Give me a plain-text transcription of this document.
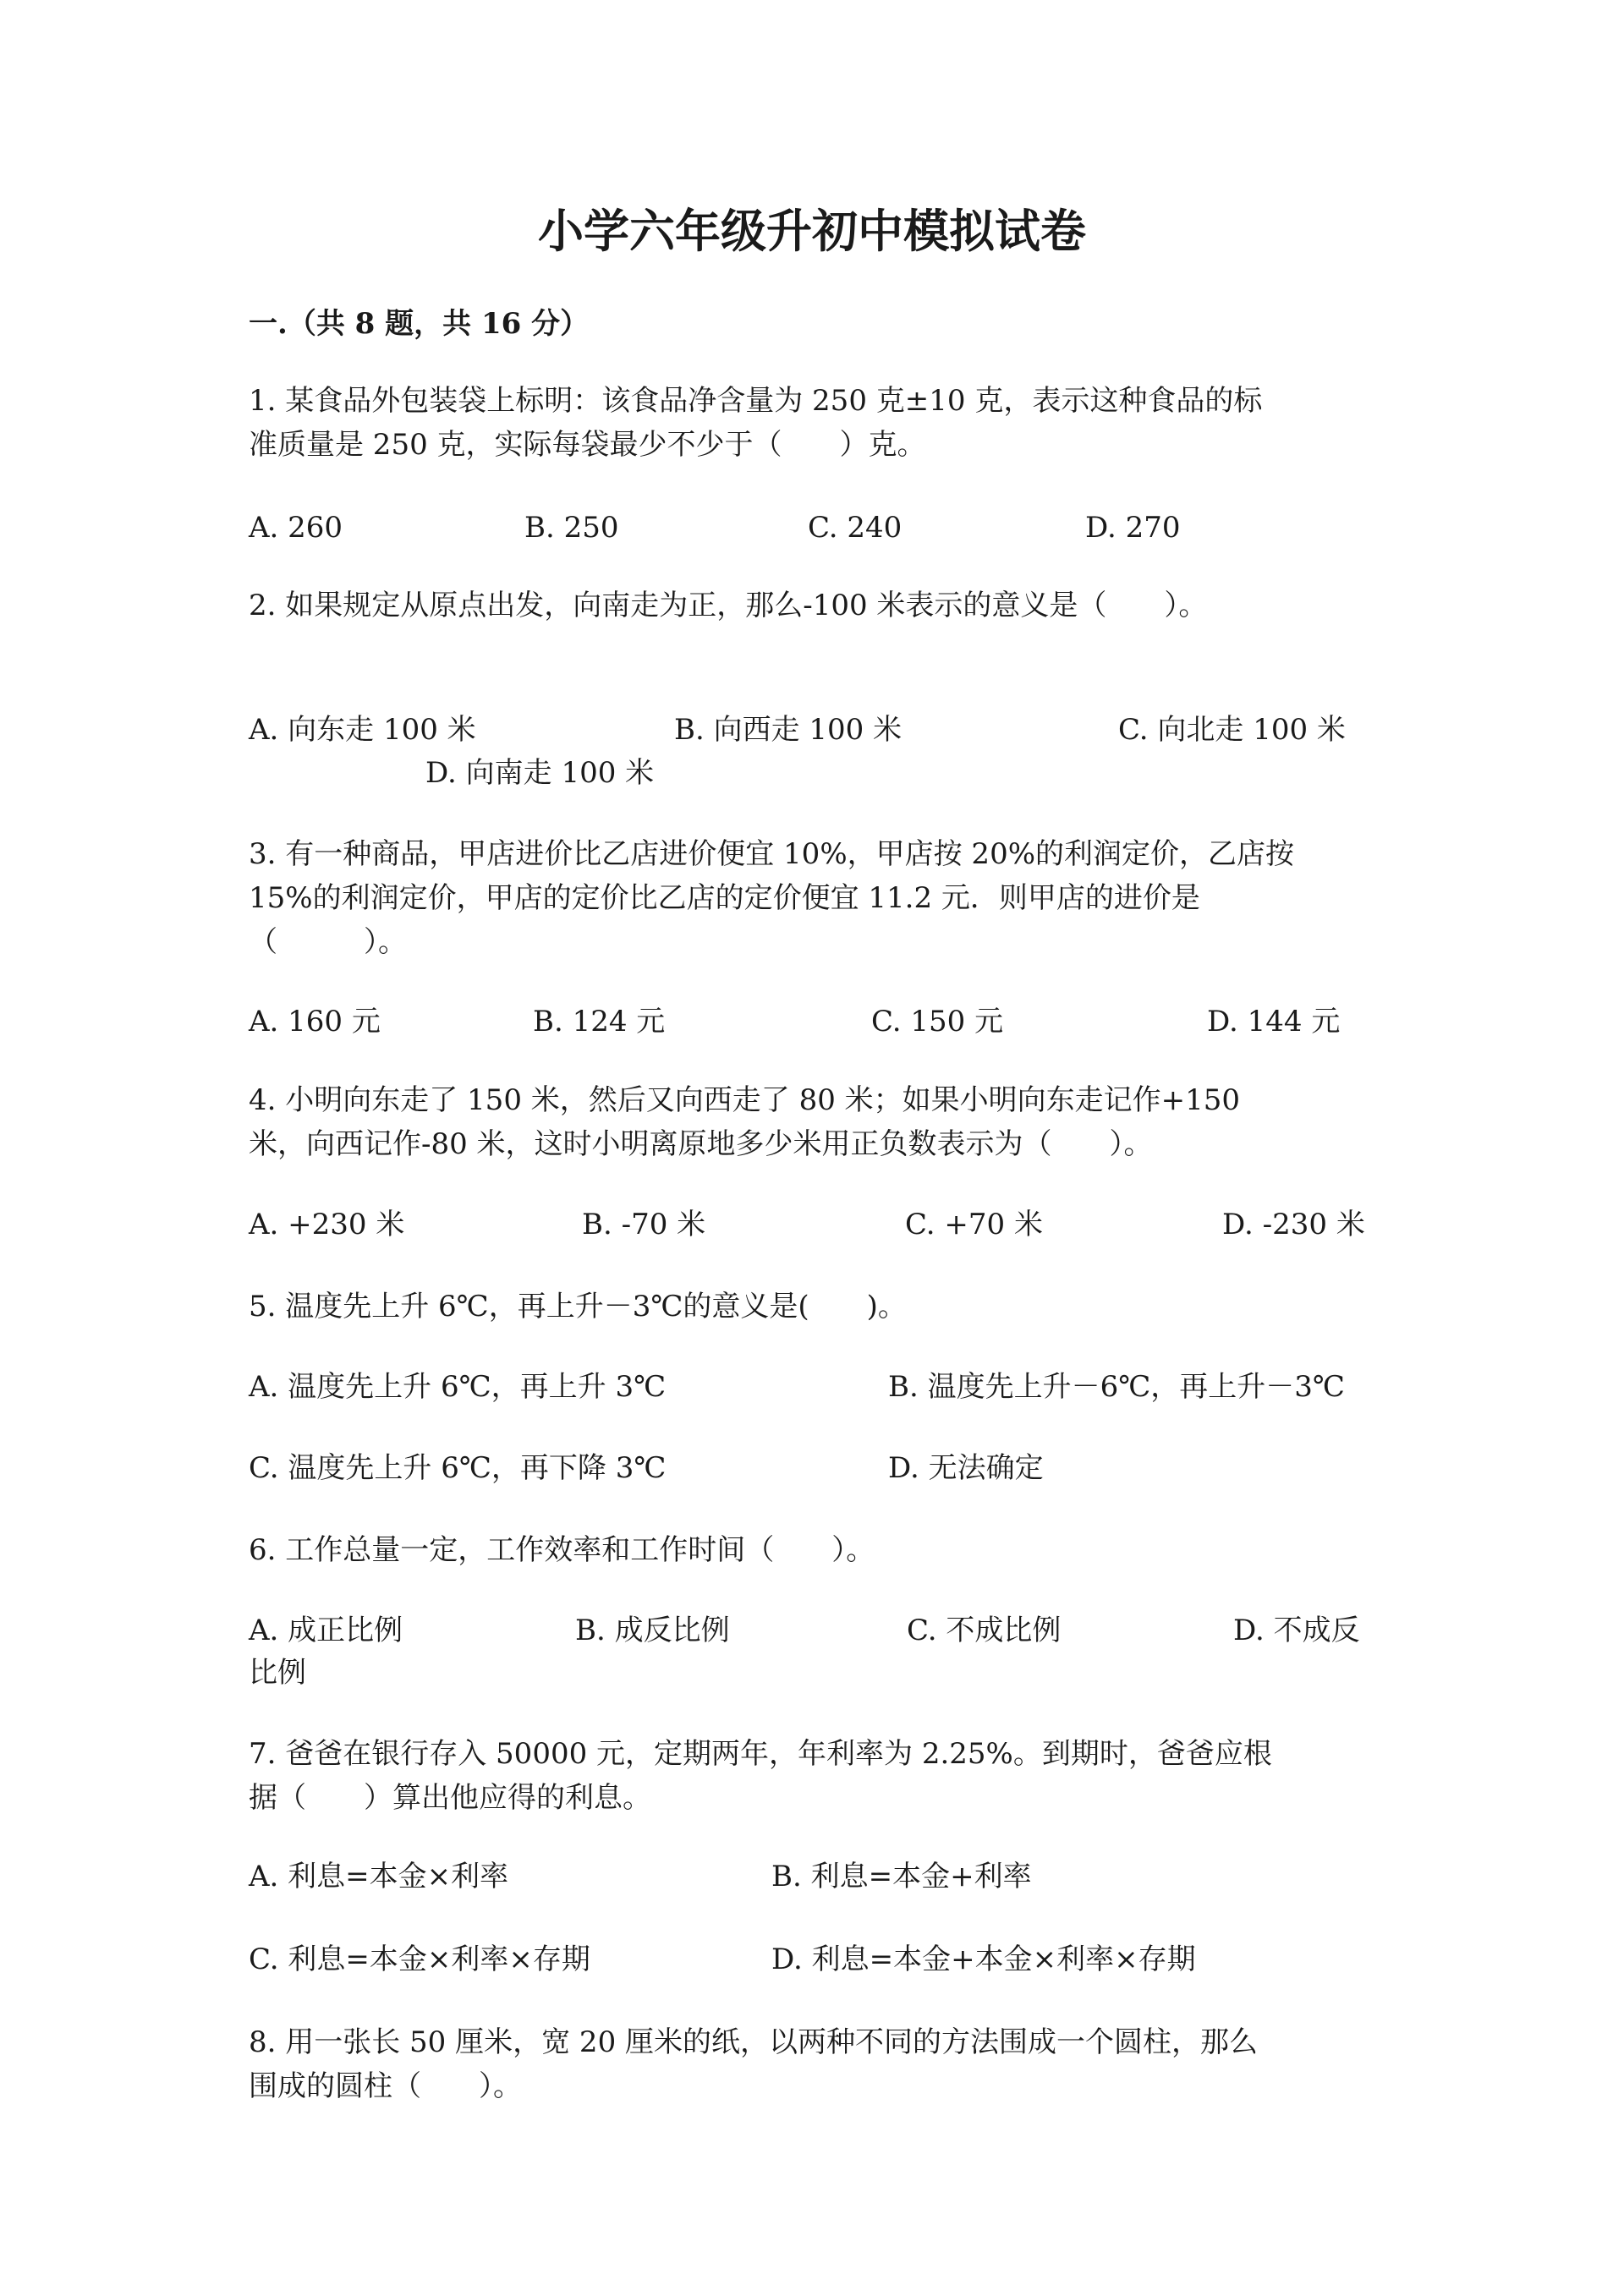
小学六年级升初中模拟试卷
一.（共 8 题，共 16 分）
1. 某食品外包装袋上标明：该食品净含量为 250 克±10 克，表示这种食品的标
准质量是 250 克，实际每袋最少不少于（　　）克。
A. 260	B. 250	C. 240	D. 270
2. 如果规定从原点出发，向南走为正，那么-100 米表示的意义是（　　）。
A. 向东走 100 米	B. 向西走 100 米	C. 向北走 100 米
D. 向南走 100 米
3. 有一种商品，甲店进价比乙店进价便宜 10%，甲店按 20%的利润定价，乙店按
15%的利润定价，甲店的定价比乙店的定价便宜 11.2 元．则甲店的进价是
（　　　）。
A. 160 元	B. 124 元	C. 150 元	D. 144 元
4. 小明向东走了 150 米，然后又向西走了 80 米；如果小明向东走记作+150
米，向西记作-80 米，这时小明离原地多少米用正负数表示为（　　）。
A. +230 米	B. -70 米	C. +70 米	D. -230 米
5. 温度先上升 6℃，再上升－3℃的意义是(　　)。
A. 温度先上升 6℃，再上升 3℃	B. 温度先上升－6℃，再上升－3℃
C. 温度先上升 6℃，再下降 3℃	D. 无法确定
6. 工作总量一定，工作效率和工作时间（　　）。
A. 成正比例	B. 成反比例	C. 不成比例	D. 不成反
比例
7. 爸爸在银行存入 50000 元，定期两年，年利率为 2.25%。到期时，爸爸应根
据（　　）算出他应得的利息。
A. 利息=本金×利率	B. 利息=本金+利率
C. 利息=本金×利率×存期	D. 利息=本金+本金×利率×存期
8. 用一张长 50 厘米，宽 20 厘米的纸，以两种不同的方法围成一个圆柱，那么
围成的圆柱（　　）。
